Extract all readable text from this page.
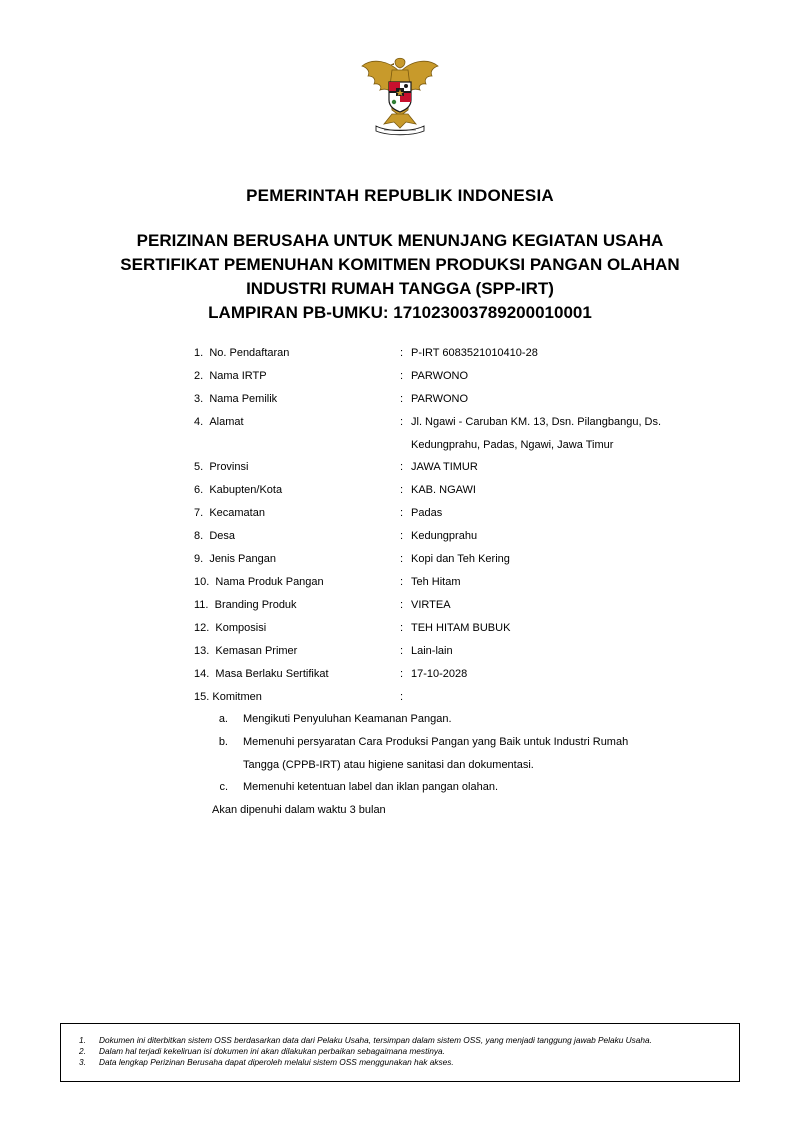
PEMERINTAH REPUBLIK INDONESIA
PERIZINAN BERUSAHA UNTUK MENUNJANG KEGIATAN USAHA
SERTIFIKAT PEMENUHAN KOMITMEN PRODUKSI PANGAN OLAHAN
INDUSTRI RUMAH TANGGA (SPP-IRT)
LAMPIRAN PB-UMKU: 171023003789200010001
1. No. Pendaftaran	: P-IRT 6083521010410-28
2. Nama IRTP	: PARWONO
3. Nama Pemilik	: PARWONO
4. Alamat	: Jl. Ngawi - Caruban KM. 13, Dsn. Pilangbangu, Ds.
Kedungprahu, Padas, Ngawi, Jawa Timur
5. Provinsi	: JAWA TIMUR
6. Kabupten/Kota	: KAB. NGAWI
7. Kecamatan	: Padas
8. Desa	: Kedungprahu
9. Jenis Pangan	: Kopi dan Teh Kering
10. Nama Produk Pangan	: Teh Hitam
11. Branding Produk	: VIRTEA
12. Komposisi	: TEH HITAM BUBUK
13. Kemasan Primer	: Lain-lain
14. Masa Berlaku Sertifikat	: 17-10-2028
15. Komitmen	:
a. Mengikuti Penyuluhan Keamanan Pangan.
b. Memenuhi persyaratan Cara Produksi Pangan yang Baik untuk Industri Rumah
Tangga (CPPB-IRT) atau higiene sanitasi dan dokumentasi.
c. Memenuhi ketentuan label dan iklan pangan olahan.
Akan dipenuhi dalam waktu 3 bulan
1. Dokumen ini diterbitkan sistem OSS berdasarkan data dari Pelaku Usaha, tersimpan dalam sistem OSS, yang menjadi tanggung jawab Pelaku Usaha.
2. Dalam hal terjadi kekeliruan isi dokumen ini akan dilakukan perbaikan sebagaimana mestinya.
3. Data lengkap Perizinan Berusaha dapat diperoleh melalui sistem OSS menggunakan hak akses.
